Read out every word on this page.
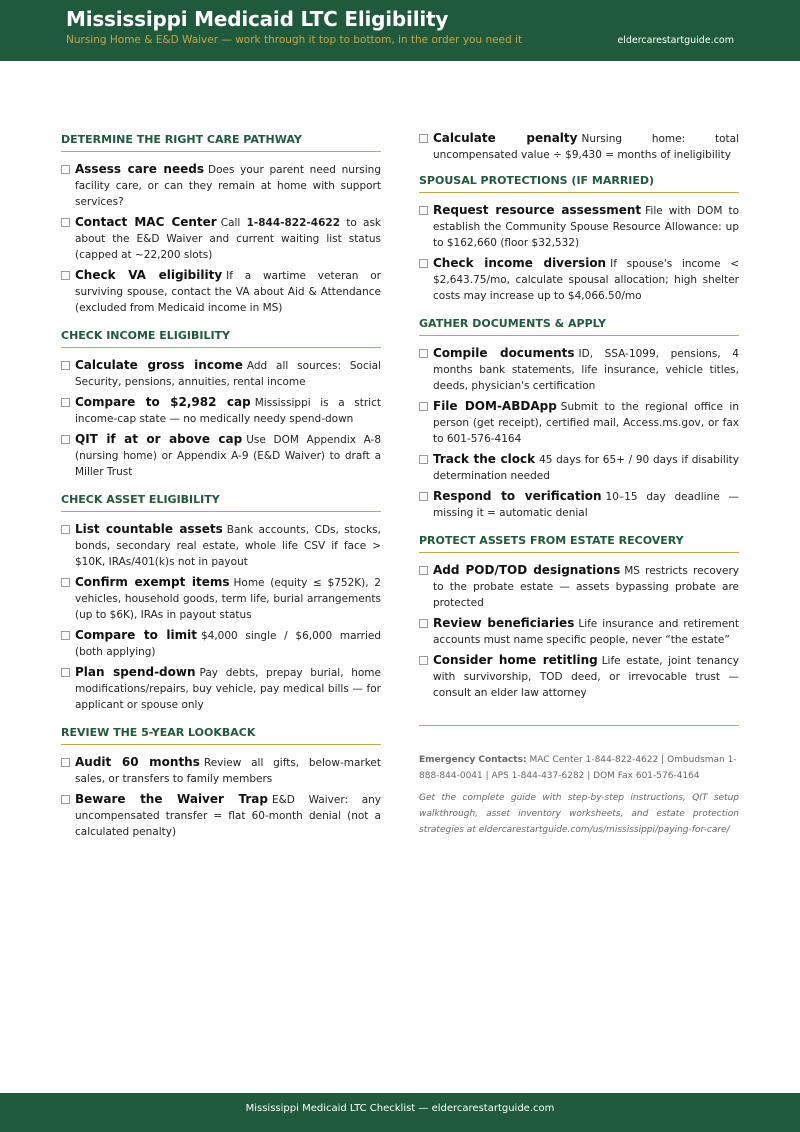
Mississippi Medicaid LTC Eligibility
Nursing Home & E&D Waiver — work through it top to bottom, in the order you need it	eldercarestartguide.com
DETERMINE THE RIGHT CARE PATHWAY
Assess care needs Does your parent need nursing facility care, or can they remain at home with support services?
Contact MAC Center Call 1-844-822-4622 to ask about the E&D Waiver and current waiting list status (capped at ~22,200 slots)
Check VA eligibility If a wartime veteran or surviving spouse, contact the VA about Aid & Attendance (excluded from Medicaid income in MS)
CHECK INCOME ELIGIBILITY
Calculate gross income Add all sources: Social Security, pensions, annuities, rental income
Compare to $2,982 cap Mississippi is a strict income-cap state — no medically needy spend-down
QIT if at or above cap Use DOM Appendix A-8 (nursing home) or Appendix A-9 (E&D Waiver) to draft a Miller Trust
CHECK ASSET ELIGIBILITY
List countable assets Bank accounts, CDs, stocks, bonds, secondary real estate, whole life CSV if face > $10K, IRAs/401(k)s not in payout
Confirm exempt items Home (equity ≤ $752K), 2 vehicles, household goods, term life, burial arrangements (up to $6K), IRAs in payout status
Compare to limit $4,000 single / $6,000 married (both applying)
Plan spend-down Pay debts, prepay burial, home modifications/repairs, buy vehicle, pay medical bills — for applicant or spouse only
REVIEW THE 5-YEAR LOOKBACK
Audit 60 months Review all gifts, below-market sales, or transfers to family members
Beware the Waiver Trap E&D Waiver: any uncompensated transfer = flat 60-month denial (not a calculated penalty)
Calculate penalty Nursing home: total uncompensated value ÷ $9,430 = months of ineligibility
SPOUSAL PROTECTIONS (IF MARRIED)
Request resource assessment File with DOM to establish the Community Spouse Resource Allowance: up to $162,660 (floor $32,532)
Check income diversion If spouse's income < $2,643.75/mo, calculate spousal allocation; high shelter costs may increase up to $4,066.50/mo
GATHER DOCUMENTS & APPLY
Compile documents ID, SSA-1099, pensions, 4 months bank statements, life insurance, vehicle titles, deeds, physician's certification
File DOM-ABDApp Submit to the regional office in person (get receipt), certified mail, Access.ms.gov, or fax to 601-576-4164
Track the clock 45 days for 65+ / 90 days if disability determination needed
Respond to verification 10–15 day deadline — missing it = automatic denial
PROTECT ASSETS FROM ESTATE RECOVERY
Add POD/TOD designations MS restricts recovery to the probate estate — assets bypassing probate are protected
Review beneficiaries Life insurance and retirement accounts must name specific people, never “the estate”
Consider home retitling Life estate, joint tenancy with survivorship, TOD deed, or irrevocable trust — consult an elder law attorney
Emergency Contacts: MAC Center 1-844-822-4622 | Ombudsman 1-888-844-0041 | APS 1-844-437-6282 | DOM Fax 601-576-4164
Get the complete guide with step-by-step instructions, QIT setup walkthrough, asset inventory worksheets, and estate protection strategies at eldercarestartguide.com/us/mississippi/paying-for-care/
Mississippi Medicaid LTC Checklist — eldercarestartguide.com
